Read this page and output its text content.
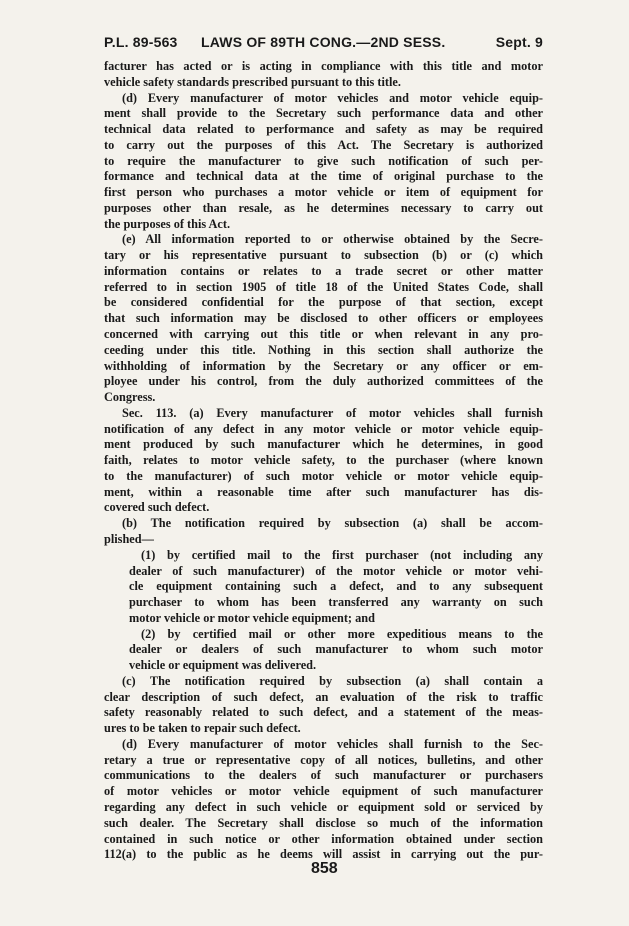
P.L. 89-563 LAWS OF 89TH CONG.—2ND SESS.	Sept. 9
facturer has acted or is acting in compliance with this title and motor
vehicle safety standards prescribed pursuant to this title.
(d) Every manufacturer of motor vehicles and motor vehicle equip-
ment shall provide to the Secretary such performance data and other
technical data related to performance and safety as may be required
to carry out the purposes of this Act. The Secretary is authorized
to require the manufacturer to give such notification of such per-
formance and technical data at the time of original purchase to the
first person who purchases a motor vehicle or item of equipment for
purposes other than resale, as he determines necessary to carry out
the purposes of this Act.
(e) All information reported to or otherwise obtained by the Secre-
tary or his representative pursuant to subsection (b) or (c) which
information contains or relates to a trade secret or other matter
referred to in section 1905 of title 18 of the United States Code, shall
be considered confidential for the purpose of that section, except
that such information may be disclosed to other officers or employees
concerned with carrying out this title or when relevant in any pro-
ceeding under this title. Nothing in this section shall authorize the
withholding of information by the Secretary or any officer or em-
ployee under his control, from the duly authorized committees of the
Congress.
Sec. 113. (a) Every manufacturer of motor vehicles shall furnish
notification of any defect in any motor vehicle or motor vehicle equip-
ment produced by such manufacturer which he determines, in good
faith, relates to motor vehicle safety, to the purchaser (where known
to the manufacturer) of such motor vehicle or motor vehicle equip-
ment, within a reasonable time after such manufacturer has dis-
covered such defect.
(b) The notification required by subsection (a) shall be accom-
plished—
(1) by certified mail to the first purchaser (not including any
dealer of such manufacturer) of the motor vehicle or motor vehi-
cle equipment containing such a defect, and to any subsequent
purchaser to whom has been transferred any warranty on such
motor vehicle or motor vehicle equipment; and
(2) by certified mail or other more expeditious means to the
dealer or dealers of such manufacturer to whom such motor
vehicle or equipment was delivered.
(c) The notification required by subsection (a) shall contain a
clear description of such defect, an evaluation of the risk to traffic
safety reasonably related to such defect, and a statement of the meas-
ures to be taken to repair such defect.
(d) Every manufacturer of motor vehicles shall furnish to the Sec-
retary a true or representative copy of all notices, bulletins, and other
communications to the dealers of such manufacturer or purchasers
of motor vehicles or motor vehicle equipment of such manufacturer
regarding any defect in such vehicle or equipment sold or serviced by
such dealer. The Secretary shall disclose so much of the information
contained in such notice or other information obtained under section
112(a) to the public as he deems will assist in carrying out the pur-
858
